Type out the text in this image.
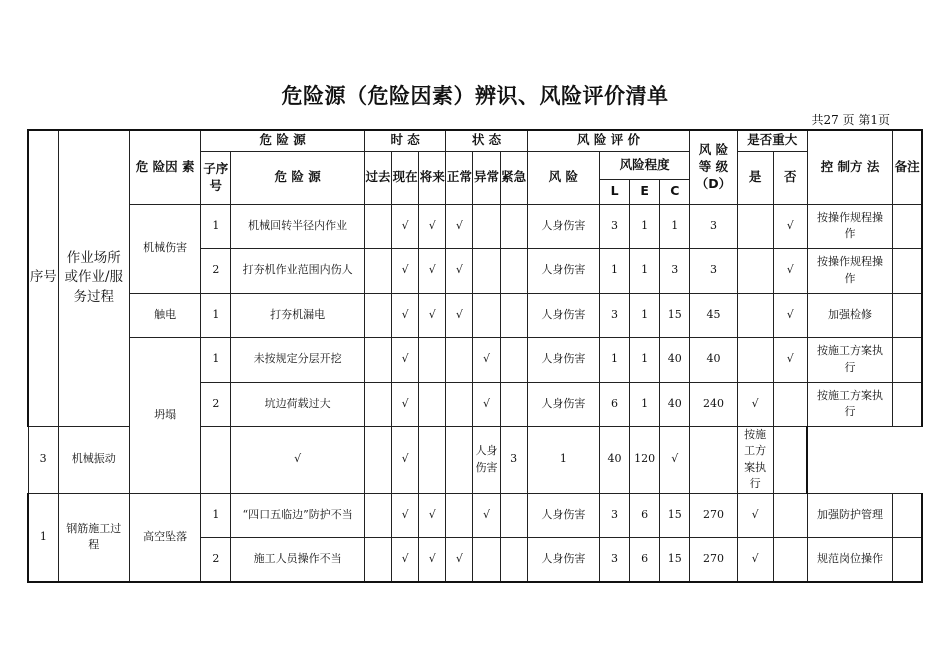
危险源（危险因素）辨识、风险评价清单
共27 页 第1页
序号	作业场所或作业/服务过程	危 险因 素	危 险 源		时 态			状 态			风 险 评 价				风 险等 级（D）	是否重大		控 制方 法	备注
			子序号	危 险 源	过去	现在	将来	正常	异常	紧急	风 险	风险程度				是	否		
												L	E	C					
		机械伤害	1	机械回转半径内作业		√	√	√			人身伤害	3	1	1	3		√	按操作规程操作	
			2	打夯机作业范围内伤人		√	√	√			人身伤害	1	1	3	3		√	按操作规程操作	
		触电	1	打夯机漏电		√	√	√			人身伤害	3	1	15	45		√	加强检修	
		坍塌	1	未按规定分层开挖		√			√		人身伤害	1	1	40	40		√	按施工方案执行	
			2	坑边荷载过大		√			√		人身伤害	6	1	40	240	√		按施工方案执行	
3	机械振动			√		√			人身伤害	3	1	40	120	√		按施工方案执行			
1	钢筋施工过程	高空坠落	1	“四口五临边”防护不当		√	√		√		人身伤害	3	6	15	270	√		加强防护管理	
			2	施工人员操作不当		√	√	√			人身伤害	3	6	15	270	√		规范岗位操作	
